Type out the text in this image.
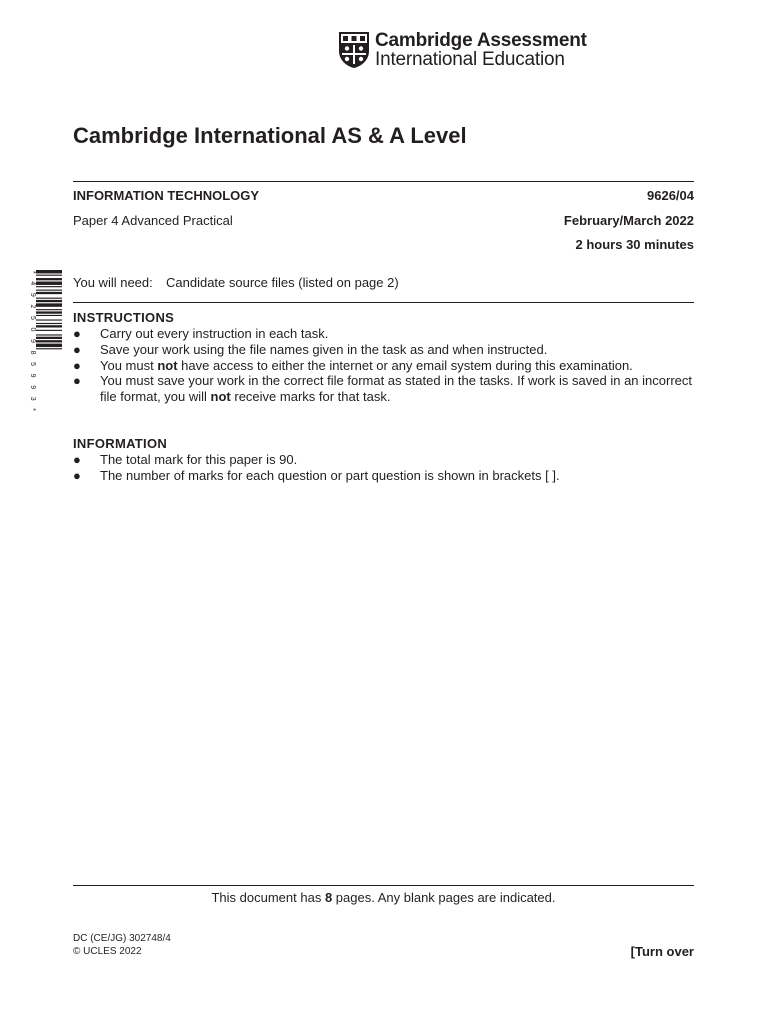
Cambridge Assessment
International Education
Cambridge International AS & A Level
INFORMATION TECHNOLOGY	9626/04
Paper 4 Advanced Practical	February/March 2022
2 hours 30 minutes
* 4 9 2 5 0 9 8 5 9 9 3 *
You will need: Candidate source files (listed on page 2)
INSTRUCTIONS
● Carry out every instruction in each task.
● Save your work using the file names given in the task as and when instructed.
● You must not have access to either the internet or any email system during this examination.
● You must save your work in the correct file format as stated in the tasks. If work is saved in an incorrect file format, you will not receive marks for that task.
INFORMATION
● The total mark for this paper is 90.
● The number of marks for each question or part question is shown in brackets [ ].
This document has 8 pages. Any blank pages are indicated.
DC (CE/JG) 302748/4
© UCLES 2022	[Turn over
